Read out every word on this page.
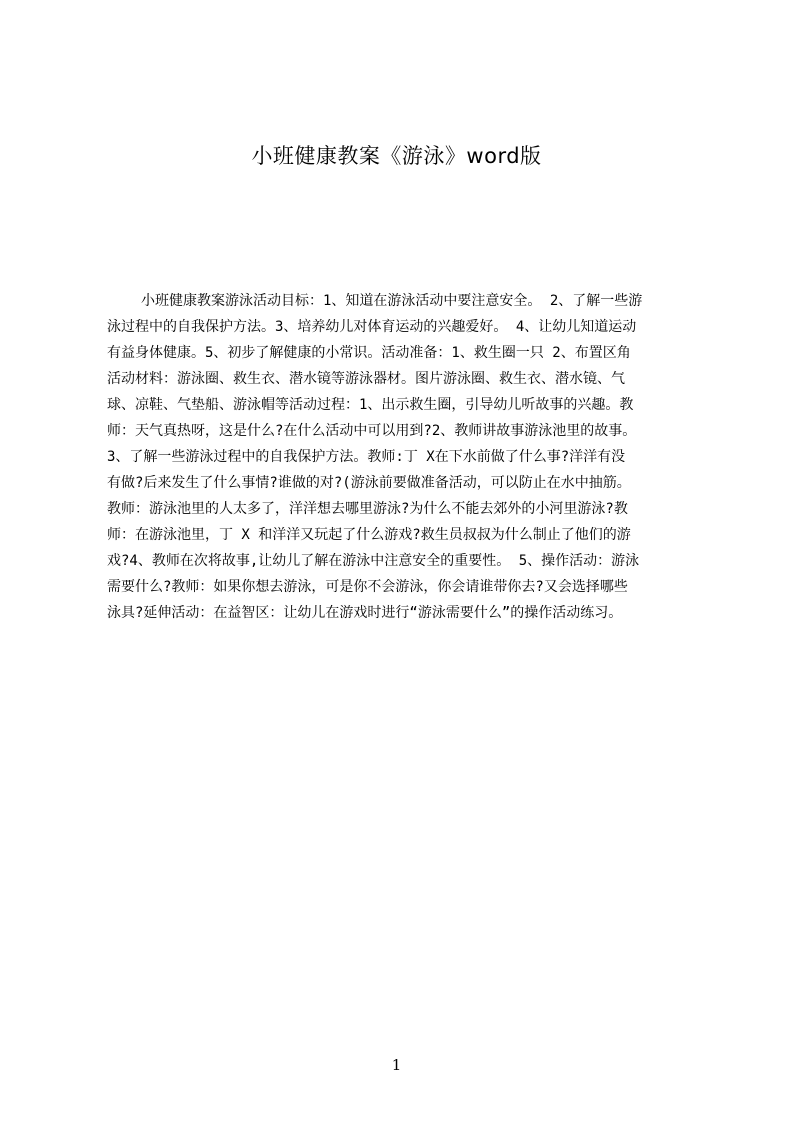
小班健康教案《游泳》word版
小班健康教案游泳活动目标：1、知道在游泳活动中要注意安全。 2、了解一些游
泳过程中的自我保护方法。3、培养幼儿对体育运动的兴趣爱好。 4、让幼儿知道运动
有益身体健康。5、初步了解健康的小常识。活动准备：1、救生圈一只 2、布置区角
活动材料：游泳圈、救生衣、潜水镜等游泳器材。图片游泳圈、救生衣、潜水镜、气
球、凉鞋、气垫船、游泳帽等活动过程：1、出示救生圈，引导幼儿听故事的兴趣。教
师：天气真热呀，这是什么?在什么活动中可以用到?2、教师讲故事游泳池里的故事。
3、了解一些游泳过程中的自我保护方法。教师:丁 X在下水前做了什么事?洋洋有没
有做?后来发生了什么事情?谁做的对?(游泳前要做准备活动，可以防止在水中抽筋。
教师：游泳池里的人太多了，洋洋想去哪里游泳?为什么不能去郊外的小河里游泳?教
师：在游泳池里，丁 X 和洋洋又玩起了什么游戏?救生员叔叔为什么制止了他们的游
戏?4、教师在次将故事,让幼儿了解在游泳中注意安全的重要性。 5、操作活动：游泳
需要什么?教师：如果你想去游泳，可是你不会游泳，你会请谁带你去?又会选择哪些
泳具?延伸活动：在益智区：让幼儿在游戏时进行“游泳需要什么”的操作活动练习。
1
